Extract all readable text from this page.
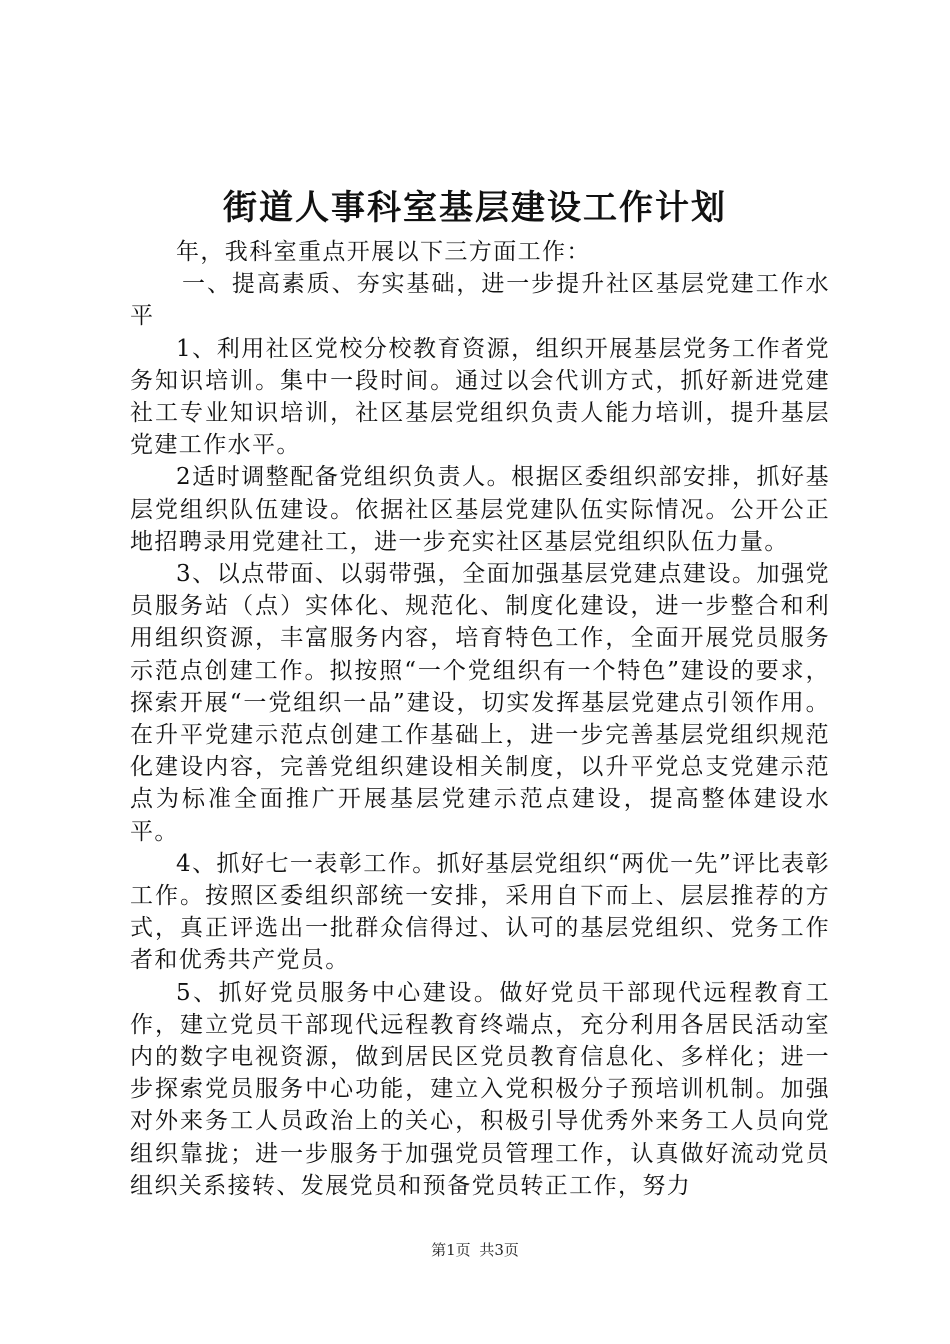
街道人事科室基层建设工作计划

年，我科室重点开展以下三方面工作：

一、提高素质、夯实基础，进一步提升社区基层党建工作水平

1、利用社区党校分校教育资源，组织开展基层党务工作者党务知识培训。集中一段时间。通过以会代训方式，抓好新进党建社工专业知识培训，社区基层党组织负责人能力培训，提升基层党建工作水平。

2适时调整配备党组织负责人。根据区委组织部安排，抓好基层党组织队伍建设。依据社区基层党建队伍实际情况。公开公正地招聘录用党建社工，进一步充实社区基层党组织队伍力量。

3、以点带面、以弱带强，全面加强基层党建点建设。加强党员服务站（点）实体化、规范化、制度化建设，进一步整合和利用组织资源，丰富服务内容，培育特色工作，全面开展党员服务示范点创建工作。拟按照“一个党组织有一个特色”建设的要求，探索开展“一党组织一品”建设，切实发挥基层党建点引领作用。在升平党建示范点创建工作基础上，进一步完善基层党组织规范化建设内容，完善党组织建设相关制度，以升平党总支党建示范点为标准全面推广开展基层党建示范点建设，提高整体建设水平。

4、抓好七一表彰工作。抓好基层党组织“两优一先”评比表彰工作。按照区委组织部统一安排，采用自下而上、层层推荐的方式，真正评选出一批群众信得过、认可的基层党组织、党务工作者和优秀共产党员。

5、抓好党员服务中心建设。做好党员干部现代远程教育工作，建立党员干部现代远程教育终端点，充分利用各居民活动室内的数字电视资源，做到居民区党员教育信息化、多样化；进一步探索党员服务中心功能，建立入党积极分子预培训机制。加强对外来务工人员政治上的关心，积极引导优秀外来务工人员向党组织靠拢；进一步服务于加强党员管理工作，认真做好流动党员组织关系接转、发展党员和预备党员转正工作，努力

第1页 共3页
